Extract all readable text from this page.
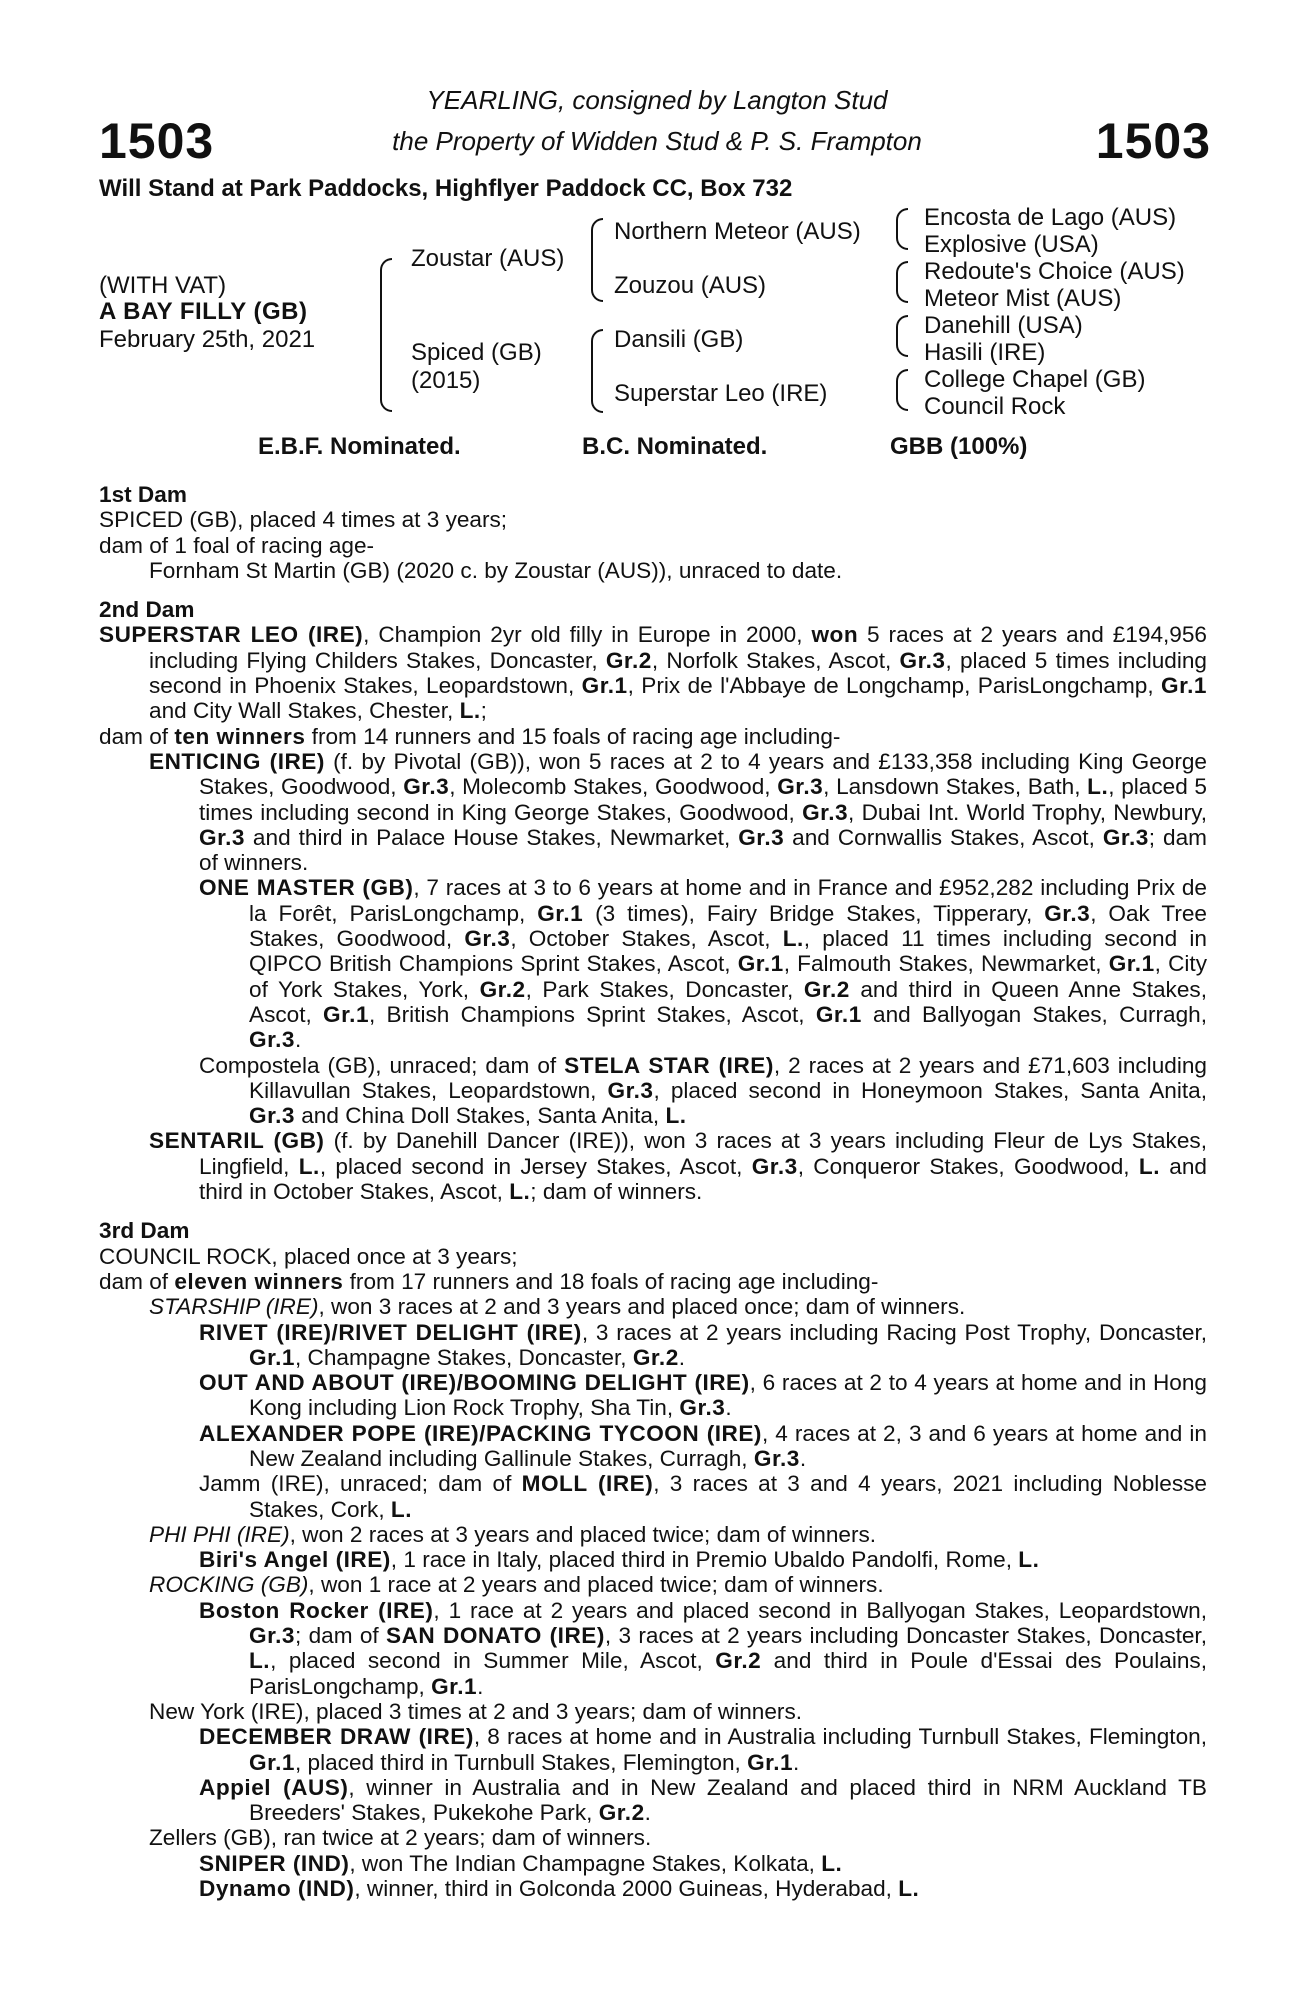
1503	1503
YEARLING, consigned by Langton Stud
the Property of Widden Stud & P. S. Frampton
Will Stand at Park Paddocks, Highflyer Paddock CC, Box 732
(WITH VAT)
A BAY FILLY (GB)
February 25th, 2021
Zoustar (AUS)
Spiced (GB)
(2015)
Northern Meteor (AUS)
Zouzou (AUS)
Dansili (GB)
Superstar Leo (IRE)
Encosta de Lago (AUS)
Explosive (USA)
Redoute's Choice (AUS)
Meteor Mist (AUS)
Danehill (USA)
Hasili (IRE)
College Chapel (GB)
Council Rock
E.B.F. Nominated.	B.C. Nominated.	GBB (100%)
1st Dam
SPICED (GB), placed 4 times at 3 years;
dam of 1 foal of racing age-
Fornham St Martin (GB) (2020 c. by Zoustar (AUS)), unraced to date.
2nd Dam
SUPERSTAR LEO (IRE), Champion 2yr old filly in Europe in 2000, won 5 races at 2 years and £194,956 including Flying Childers Stakes, Doncaster, Gr.2, Norfolk Stakes, Ascot, Gr.3, placed 5 times including second in Phoenix Stakes, Leopardstown, Gr.1, Prix de l'Abbaye de Longchamp, ParisLongchamp, Gr.1 and City Wall Stakes, Chester, L.;
dam of ten winners from 14 runners and 15 foals of racing age including-
ENTICING (IRE) (f. by Pivotal (GB)), won 5 races at 2 to 4 years and £133,358 including King George Stakes, Goodwood, Gr.3, Molecomb Stakes, Goodwood, Gr.3, Lansdown Stakes, Bath, L., placed 5 times including second in King George Stakes, Goodwood, Gr.3, Dubai Int. World Trophy, Newbury, Gr.3 and third in Palace House Stakes, Newmarket, Gr.3 and Cornwallis Stakes, Ascot, Gr.3; dam of winners.
ONE MASTER (GB), 7 races at 3 to 6 years at home and in France and £952,282 including Prix de la Forêt, ParisLongchamp, Gr.1 (3 times), Fairy Bridge Stakes, Tipperary, Gr.3, Oak Tree Stakes, Goodwood, Gr.3, October Stakes, Ascot, L., placed 11 times including second in QIPCO British Champions Sprint Stakes, Ascot, Gr.1, Falmouth Stakes, Newmarket, Gr.1, City of York Stakes, York, Gr.2, Park Stakes, Doncaster, Gr.2 and third in Queen Anne Stakes, Ascot, Gr.1, British Champions Sprint Stakes, Ascot, Gr.1 and Ballyogan Stakes, Curragh, Gr.3.
Compostela (GB), unraced; dam of STELA STAR (IRE), 2 races at 2 years and £71,603 including Killavullan Stakes, Leopardstown, Gr.3, placed second in Honeymoon Stakes, Santa Anita, Gr.3 and China Doll Stakes, Santa Anita, L.
SENTARIL (GB) (f. by Danehill Dancer (IRE)), won 3 races at 3 years including Fleur de Lys Stakes, Lingfield, L., placed second in Jersey Stakes, Ascot, Gr.3, Conqueror Stakes, Goodwood, L. and third in October Stakes, Ascot, L.; dam of winners.
3rd Dam
COUNCIL ROCK, placed once at 3 years;
dam of eleven winners from 17 runners and 18 foals of racing age including-
STARSHIP (IRE), won 3 races at 2 and 3 years and placed once; dam of winners.
RIVET (IRE)/RIVET DELIGHT (IRE), 3 races at 2 years including Racing Post Trophy, Doncaster, Gr.1, Champagne Stakes, Doncaster, Gr.2.
OUT AND ABOUT (IRE)/BOOMING DELIGHT (IRE), 6 races at 2 to 4 years at home and in Hong Kong including Lion Rock Trophy, Sha Tin, Gr.3.
ALEXANDER POPE (IRE)/PACKING TYCOON (IRE), 4 races at 2, 3 and 6 years at home and in New Zealand including Gallinule Stakes, Curragh, Gr.3.
Jamm (IRE), unraced; dam of MOLL (IRE), 3 races at 3 and 4 years, 2021 including Noblesse Stakes, Cork, L.
PHI PHI (IRE), won 2 races at 3 years and placed twice; dam of winners.
Biri's Angel (IRE), 1 race in Italy, placed third in Premio Ubaldo Pandolfi, Rome, L.
ROCKING (GB), won 1 race at 2 years and placed twice; dam of winners.
Boston Rocker (IRE), 1 race at 2 years and placed second in Ballyogan Stakes, Leopardstown, Gr.3; dam of SAN DONATO (IRE), 3 races at 2 years including Doncaster Stakes, Doncaster, L., placed second in Summer Mile, Ascot, Gr.2 and third in Poule d'Essai des Poulains, ParisLongchamp, Gr.1.
New York (IRE), placed 3 times at 2 and 3 years; dam of winners.
DECEMBER DRAW (IRE), 8 races at home and in Australia including Turnbull Stakes, Flemington, Gr.1, placed third in Turnbull Stakes, Flemington, Gr.1.
Appiel (AUS), winner in Australia and in New Zealand and placed third in NRM Auckland TB Breeders' Stakes, Pukekohe Park, Gr.2.
Zellers (GB), ran twice at 2 years; dam of winners.
SNIPER (IND), won The Indian Champagne Stakes, Kolkata, L.
Dynamo (IND), winner, third in Golconda 2000 Guineas, Hyderabad, L.
